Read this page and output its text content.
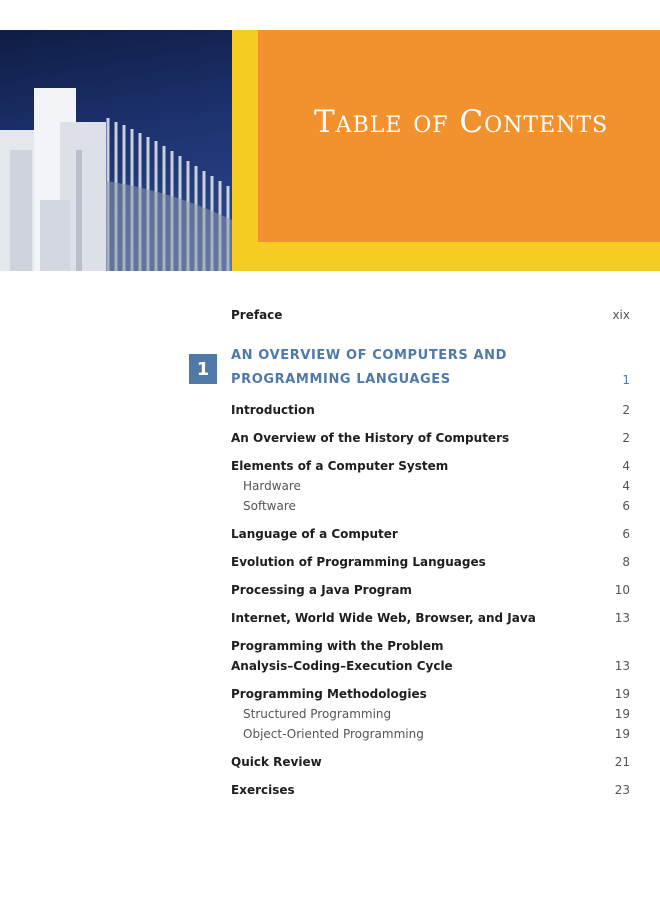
Table of Contents
Preface	xix
1
AN OVERVIEW OF COMPUTERS AND
PROGRAMMING LANGUAGES	1
Introduction	2
An Overview of the History of Computers	2
Elements of a Computer System	4
Hardware	4
Software	6
Language of a Computer	6
Evolution of Programming Languages	8
Processing a Java Program	10
Internet, World Wide Web, Browser, and Java	13
Programming with the Problem
Analysis–Coding–Execution Cycle	13
Programming Methodologies	19
Structured Programming	19
Object-Oriented Programming	19
Quick Review	21
Exercises	23
